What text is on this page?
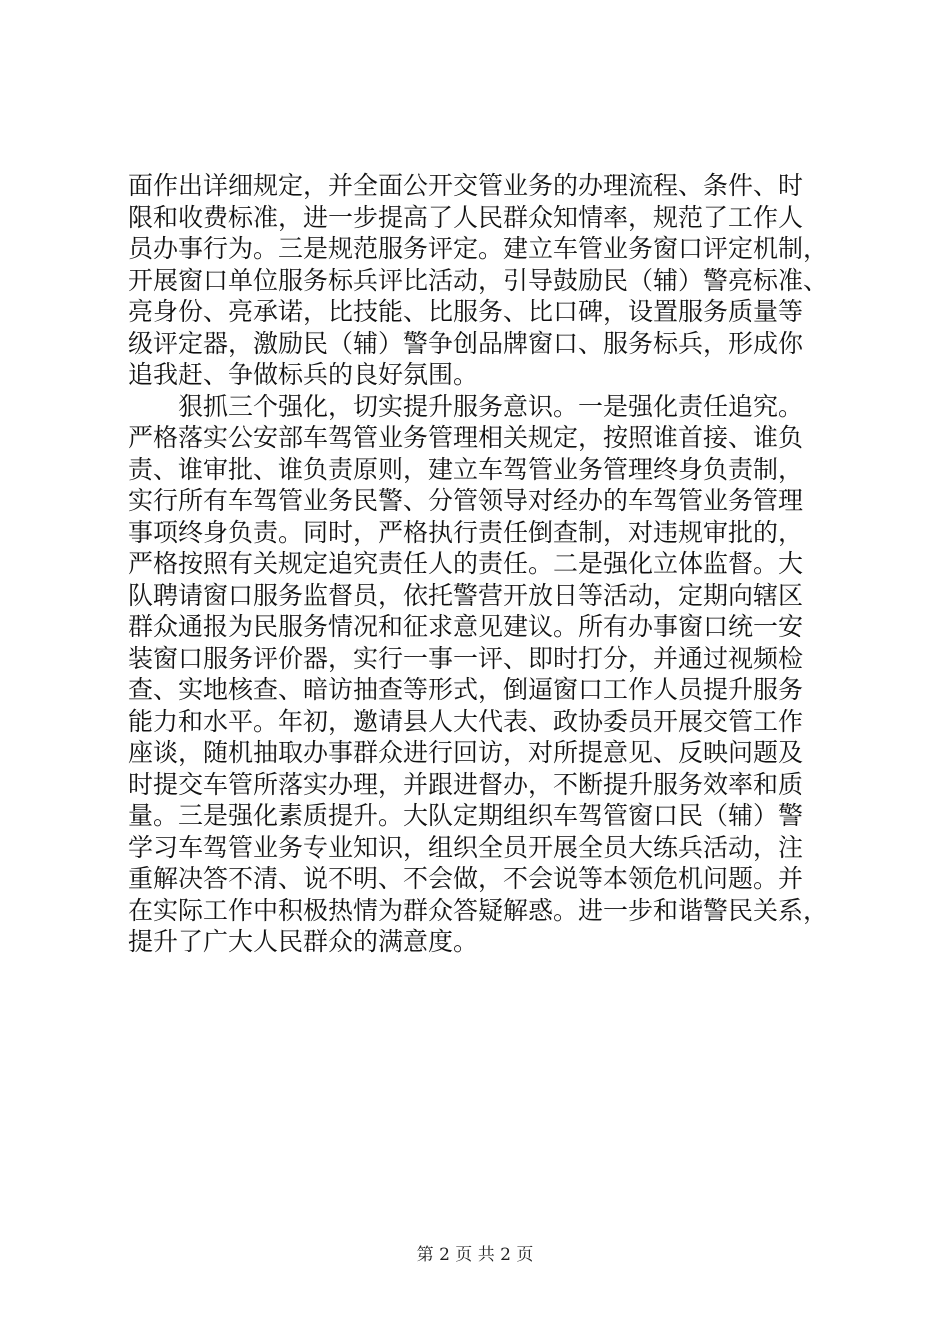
面作出详细规定，并全面公开交管业务的办理流程、条件、时
限和收费标准，进一步提高了人民群众知情率，规范了工作人
员办事行为。三是规范服务评定。建立车管业务窗口评定机制，
开展窗口单位服务标兵评比活动，引导鼓励民（辅）警亮标准、
亮身份、亮承诺，比技能、比服务、比口碑，设置服务质量等
级评定器，激励民（辅）警争创品牌窗口、服务标兵，形成你
追我赶、争做标兵的良好氛围。
狠抓三个强化，切实提升服务意识。一是强化责任追究。
严格落实公安部车驾管业务管理相关规定，按照谁首接、谁负
责、谁审批、谁负责原则，建立车驾管业务管理终身负责制，
实行所有车驾管业务民警、分管领导对经办的车驾管业务管理
事项终身负责。同时，严格执行责任倒查制，对违规审批的，
严格按照有关规定追究责任人的责任。二是强化立体监督。大
队聘请窗口服务监督员，依托警营开放日等活动，定期向辖区
群众通报为民服务情况和征求意见建议。所有办事窗口统一安
装窗口服务评价器，实行一事一评、即时打分，并通过视频检
查、实地核查、暗访抽查等形式，倒逼窗口工作人员提升服务
能力和水平。年初，邀请县人大代表、政协委员开展交管工作
座谈，随机抽取办事群众进行回访，对所提意见、反映问题及
时提交车管所落实办理，并跟进督办，不断提升服务效率和质
量。三是强化素质提升。大队定期组织车驾管窗口民（辅）警
学习车驾管业务专业知识，组织全员开展全员大练兵活动，注
重解决答不清、说不明、不会做，不会说等本领危机问题。并
在实际工作中积极热情为群众答疑解惑。进一步和谐警民关系，
提升了广大人民群众的满意度。
第 2 页 共 2 页
